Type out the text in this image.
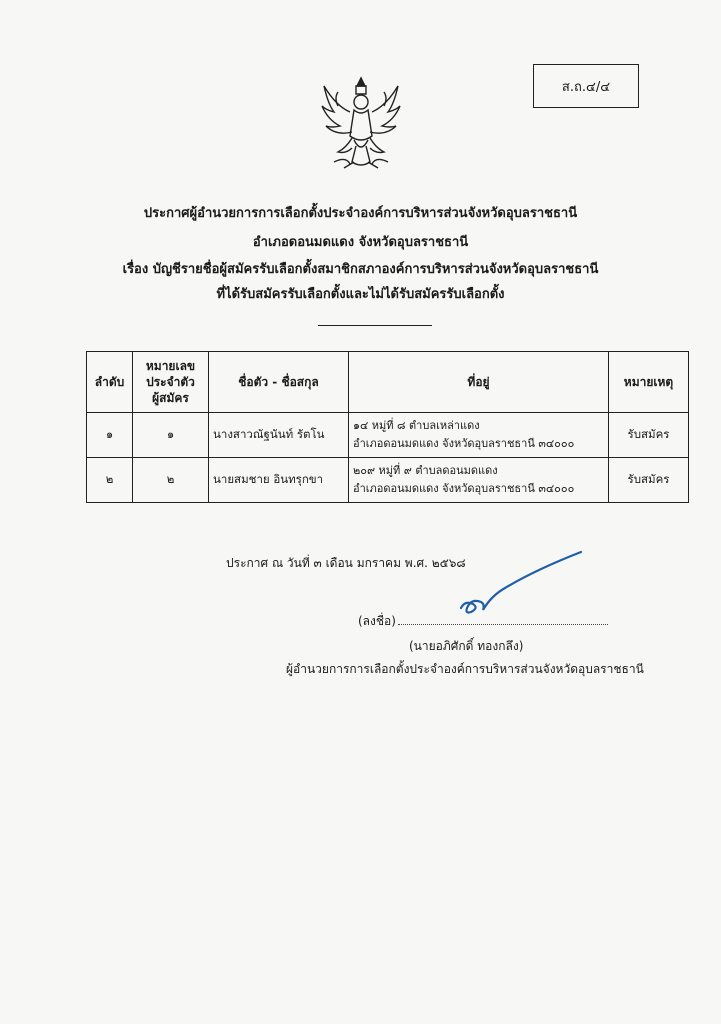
ส.ถ.๔/๔
ประกาศผู้อำนวยการการเลือกตั้งประจำองค์การบริหารส่วนจังหวัดอุบลราชธานี
อำเภอดอนมดแดง จังหวัดอุบลราชธานี
เรื่อง บัญชีรายชื่อผู้สมัครรับเลือกตั้งสมาชิกสภาองค์การบริหารส่วนจังหวัดอุบลราชธานี
ที่ได้รับสมัครรับเลือกตั้งและไม่ได้รับสมัครรับเลือกตั้ง
ลำดับ	หมายเลข
ประจำตัว
ผู้สมัคร	ชื่อตัว - ชื่อสกุล	ที่อยู่	หมายเหตุ
๑	๑	นางสาวณัฐนันท์ รัตโน	๑๔ หมู่ที่ ๘ ตำบลเหล่าแดง
อำเภอดอนมดแดง จังหวัดอุบลราชธานี ๓๔๐๐๐	รับสมัคร
๒	๒	นายสมชาย อินทรุกขา	๒๐๙ หมู่ที่ ๙ ตำบลดอนมดแดง
อำเภอดอนมดแดง จังหวัดอุบลราชธานี ๓๔๐๐๐	รับสมัคร
ประกาศ ณ วันที่ ๓ เดือน มกราคม พ.ศ. ๒๕๖๘
(ลงชื่อ)
(นายอภิศักดิ์ ทองกลึง)
ผู้อำนวยการการเลือกตั้งประจำองค์การบริหารส่วนจังหวัดอุบลราชธานี
